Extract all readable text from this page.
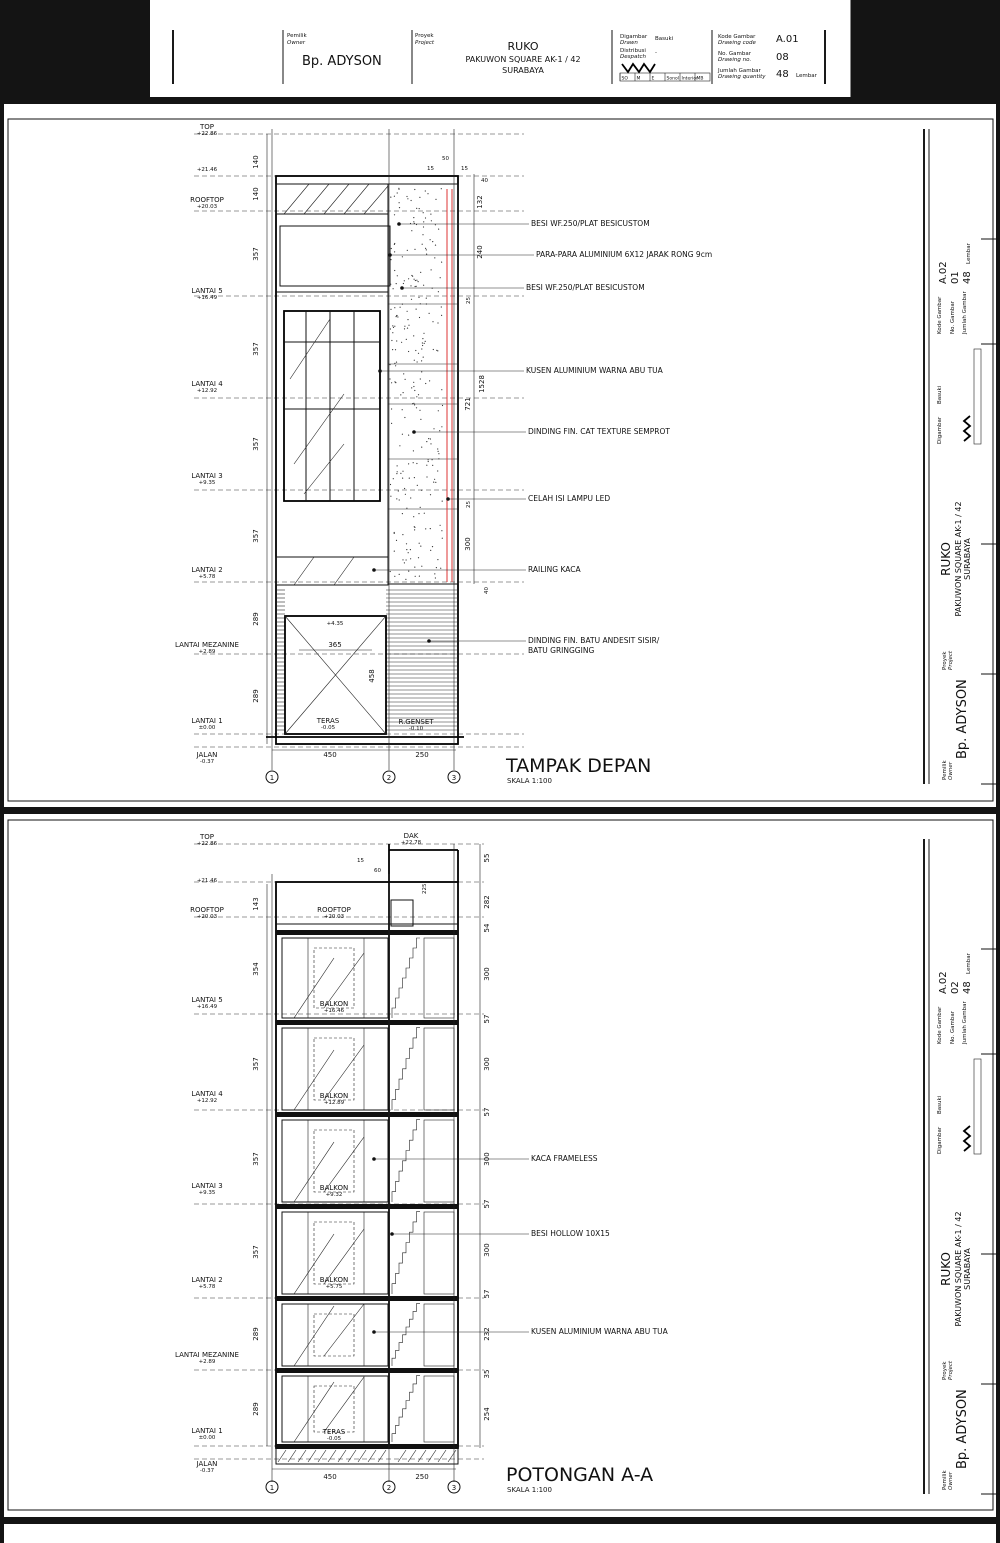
Pemilik
Owner
Bp. ADYSON
Proyek
Project	RUKO
PAKUWON SQUARE AK-1 / 42
SURABAYA
Digambar
Drawn
Basuki
Distribusi
Despatch
-
SO M E	Sonol Interior
MB
Kode Gambar
Drawing code A.01
No. Gambar
Drawing no. 08
Jumlah Gambar
Drawing quantity 48 Lembar
TOP
+22.86
+21.46
ROOFTOP
+20.03
LANTAI 5
+16.49
LANTAI 4
+12.92
LANTAI 3
+9.35
LANTAI 2
+5.78
LANTAI MEZANINE
+2.89
LANTAI 1
±0.00
JALAN
-0.37
140
140
357
357
357
357
289
289
365
+4.35
458
TERAS
-0.05
R.GENSET
-0.10
132
240
721
1528
300
50
15	15
40
25
25
40
BESI WF.250/PLAT BESICUSTOM
PARA-PARA ALUMINIUM 6X12 JARAK RONG 9cm
BESI WF.250/PLAT BESICUSTOM
KUSEN ALUMINIUM WARNA ABU TUA
DINDING FIN. CAT TEXTURE SEMPROT
CELAH ISI LAMPU LED
RAILING KACA
DINDING FIN. BATU ANDESIT SISIR/
BATU GRINGGING
450	250
1	2	3
TAMPAK DEPAN
SKALA 1:100
Pemilik Owner
Bp. ADYSON
Proyek Project
RUKO PAKUWON SQUARE AK-1 / 42 SURABAYA
Digambar
Basuki
Kode Gambar
A.02
No. Gambar
01
Jumlah Gambar
48
Lembar
TOP
+22.86
+21.46
ROOFTOP
+20.03
LANTAI 5
+16.49
LANTAI 4
+12.92
LANTAI 3
+9.35
LANTAI 2
+5.78
LANTAI MEZANINE
+2.89
LANTAI 1
±0.00
JALAN
-0.37
143
354
357
357
357
289
289
DAK
+22.78
ROOFTOP
+20.03
15
60
225
BALKON
+16.46
BALKON
+12.89
BALKON
+9.32
BALKON
+5.75
TERAS
-0.05
55
282
54
300
57
300
57
300
57
300
57
232
35
254
KACA FRAMELESS
BESI HOLLOW 10X15
KUSEN ALUMINIUM WARNA ABU TUA
450	250
1	2	3
POTONGAN A-A
SKALA 1:100	Pemilik Owner
Bp. ADYSON
Proyek Project
RUKO PAKUWON SQUARE AK-1 / 42 SURABAYA
Digambar
Basuki
Kode Gambar
A.02
No. Gambar
02
Jumlah Gambar
48
Lembar
